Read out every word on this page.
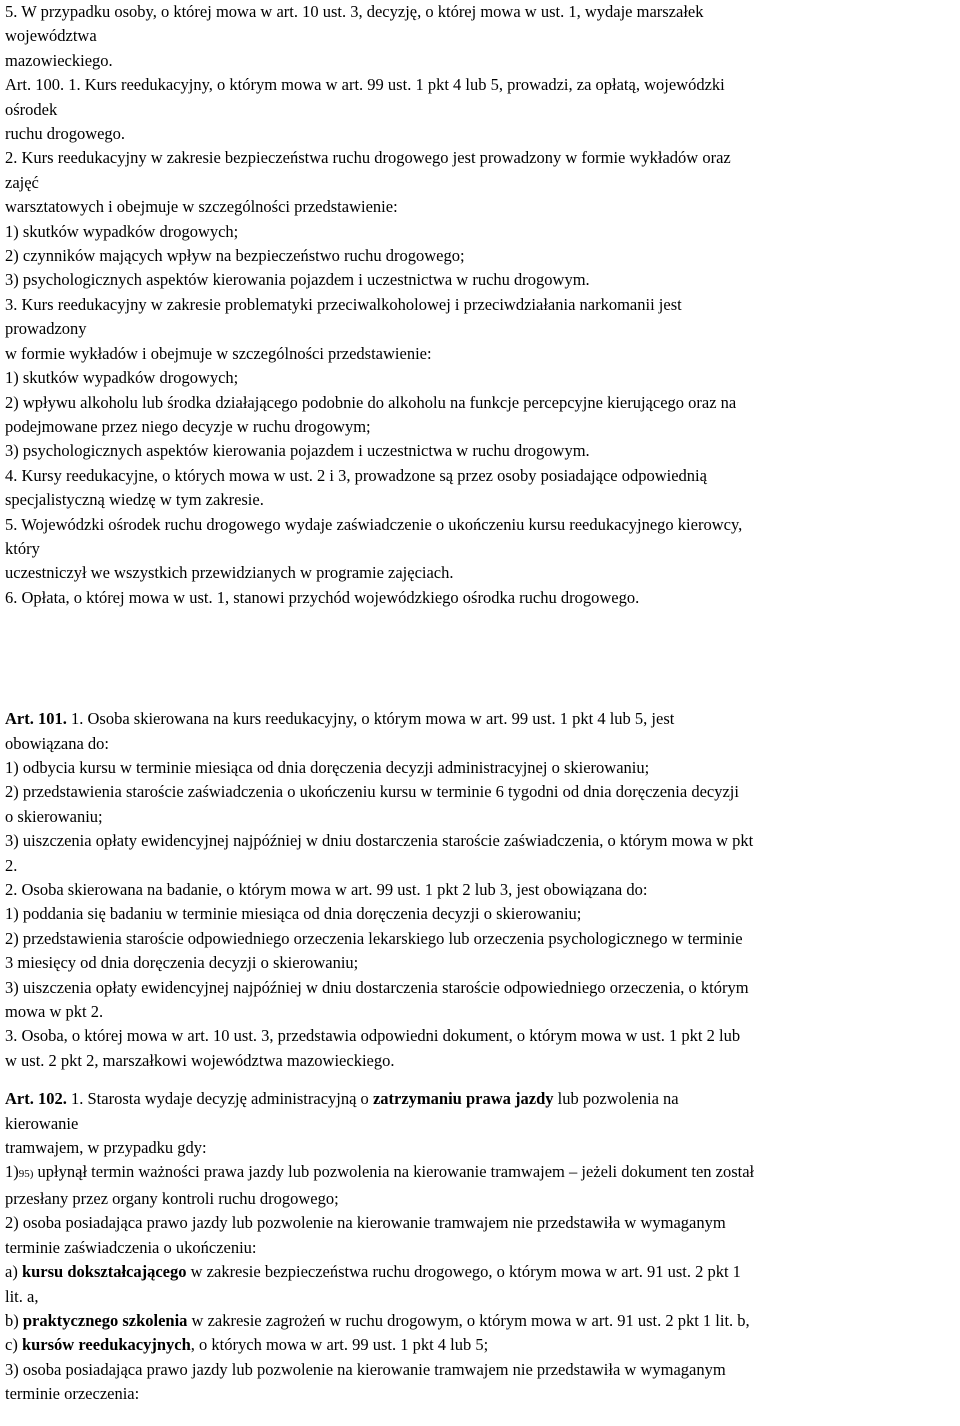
5. W przypadku osoby, o której mowa w art. 10 ust. 3, decyzję, o której mowa w ust. 1, wydaje marszałek
województwa
mazowieckiego.
Art. 100. 1. Kurs reedukacyjny, o którym mowa w art. 99 ust. 1 pkt 4 lub 5, prowadzi, za opłatą, wojewódzki
ośrodek
ruchu drogowego.
2. Kurs reedukacyjny w zakresie bezpieczeństwa ruchu drogowego jest prowadzony w formie wykładów oraz
zajęć
warsztatowych i obejmuje w szczególności przedstawienie:
1) skutków wypadków drogowych;
2) czynników mających wpływ na bezpieczeństwo ruchu drogowego;
3) psychologicznych aspektów kierowania pojazdem i uczestnictwa w ruchu drogowym.
3. Kurs reedukacyjny w zakresie problematyki przeciwalkoholowej i przeciwdziałania narkomanii jest
prowadzony
w formie wykładów i obejmuje w szczególności przedstawienie:
1) skutków wypadków drogowych;
2) wpływu alkoholu lub środka działającego podobnie do alkoholu na funkcje percepcyjne kierującego oraz na
podejmowane przez niego decyzje w ruchu drogowym;
3) psychologicznych aspektów kierowania pojazdem i uczestnictwa w ruchu drogowym.
4. Kursy reedukacyjne, o których mowa w ust. 2 i 3, prowadzone są przez osoby posiadające odpowiednią
specjalistyczną wiedzę w tym zakresie.
5. Wojewódzki ośrodek ruchu drogowego wydaje zaświadczenie o ukończeniu kursu reedukacyjnego kierowcy,
który
uczestniczył we wszystkich przewidzianych w programie zajęciach.
6. Opłata, o której mowa w ust. 1, stanowi przychód wojewódzkiego ośrodka ruchu drogowego.
Art. 101. 1. Osoba skierowana na kurs reedukacyjny, o którym mowa w art. 99 ust. 1 pkt 4 lub 5, jest
obowiązana do:
1) odbycia kursu w terminie miesiąca od dnia doręczenia decyzji administracyjnej o skierowaniu;
2) przedstawienia staroście zaświadczenia o ukończeniu kursu w terminie 6 tygodni od dnia doręczenia decyzji
o skierowaniu;
3) uiszczenia opłaty ewidencyjnej najpóźniej w dniu dostarczenia staroście zaświadczenia, o którym mowa w pkt
2.
2. Osoba skierowana na badanie, o którym mowa w art. 99 ust. 1 pkt 2 lub 3, jest obowiązana do:
1) poddania się badaniu w terminie miesiąca od dnia doręczenia decyzji o skierowaniu;
2) przedstawienia staroście odpowiedniego orzeczenia lekarskiego lub orzeczenia psychologicznego w terminie
3 miesięcy od dnia doręczenia decyzji o skierowaniu;
3) uiszczenia opłaty ewidencyjnej najpóźniej w dniu dostarczenia staroście odpowiedniego orzeczenia, o którym
mowa w pkt 2.
3. Osoba, o której mowa w art. 10 ust. 3, przedstawia odpowiedni dokument, o którym mowa w ust. 1 pkt 2 lub
w ust. 2 pkt 2, marszałkowi województwa mazowieckiego.
Art. 102. 1. Starosta wydaje decyzję administracyjną o zatrzymaniu prawa jazdy lub pozwolenia na
kierowanie
tramwajem, w przypadku gdy:
1)95) upłynął termin ważności prawa jazdy lub pozwolenia na kierowanie tramwajem – jeżeli dokument ten został
przesłany przez organy kontroli ruchu drogowego;
2) osoba posiadająca prawo jazdy lub pozwolenie na kierowanie tramwajem nie przedstawiła w wymaganym
terminie zaświadczenia o ukończeniu:
a) kursu dokształcającego w zakresie bezpieczeństwa ruchu drogowego, o którym mowa w art. 91 ust. 2 pkt 1
lit. a,
b) praktycznego szkolenia w zakresie zagrożeń w ruchu drogowym, o którym mowa w art. 91 ust. 2 pkt 1 lit. b,
c) kursów reedukacyjnych, o których mowa w art. 99 ust. 1 pkt 4 lub 5;
3) osoba posiadająca prawo jazdy lub pozwolenie na kierowanie tramwajem nie przedstawiła w wymaganym
terminie orzeczenia:
